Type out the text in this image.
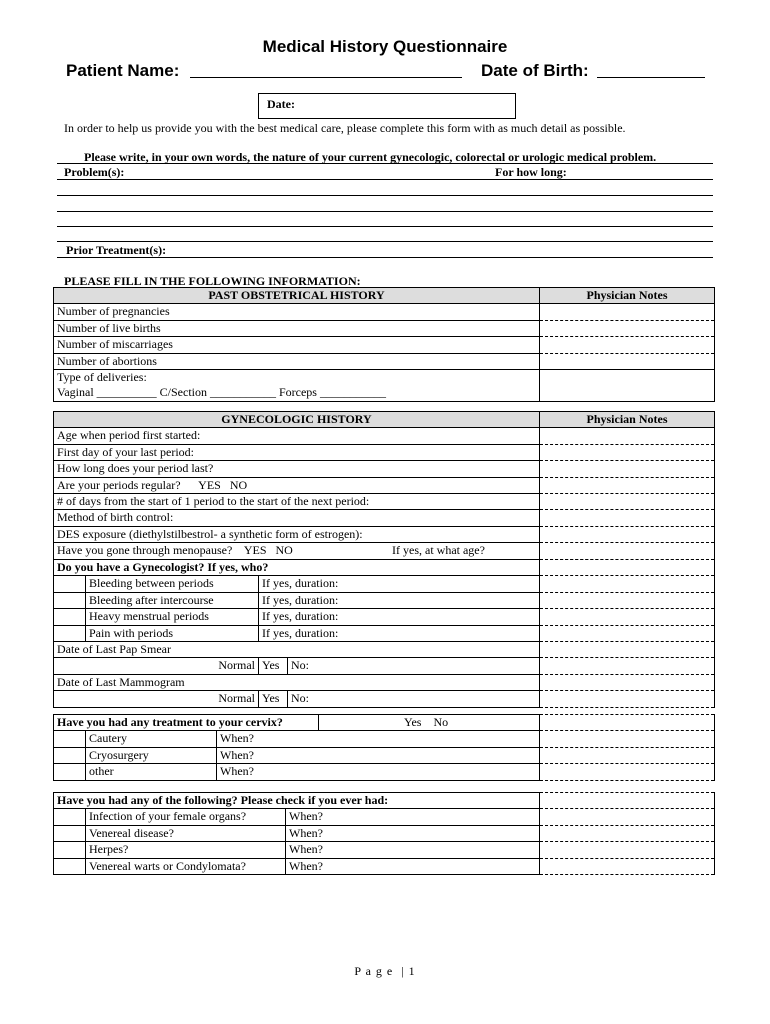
Medical History Questionnaire
Patient Name:	Date of Birth:
Date:
In order to help us provide you with the best medical care, please complete this form with as much detail as possible.
Please write, in your own words, the nature of your current gynecologic, colorectal or urologic medical problem.
Problem(s):	For how long:
Prior Treatment(s):
PLEASE FILL IN THE FOLLOWING INFORMATION:
PAST OBSTETRICAL HISTORY	Physician Notes
Number of pregnancies	
Number of live births	
Number of miscarriages	
Number of abortions	
Type of deliveries:	
Vaginal __________ C/Section ___________ Forceps ___________	
GYNECOLOGIC HISTORY	Physician Notes
Age when period first started:	
First day of your last period:	
How long does your period last?	
Are your periods regular?      YES   NO	
# of days from the start of 1 period to the start of the next period:	
Method of birth control:	
DES exposure (diethylstilbestrol- a synthetic form of estrogen):	
Have you gone through menopause?    YES   NO If yes, at what age?	

Do you have a Gynecologist? If yes, who?				
	Bleeding between periods	If yes, duration:		
	Bleeding after intercourse	If yes, duration:		
	Heavy menstrual periods	If yes, duration:		
	Pain with periods	If yes, duration:		
Date of Last Pap Smear				
Normal		Yes	No:	
Date of Last Mammogram				
Normal		Yes	No:	
Have you had any treatment to your cervix?			Yes    No	
	Cautery	When?		
	Cryosurgery	When?		
	other	When?		
Have you had any of the following? Please check if you ever had:			
	Infection of your female organs?	When?	
	Venereal disease?	When?	
	Herpes?	When?	
	Venereal warts or Condylomata?	When?	
P a g e  | 1
